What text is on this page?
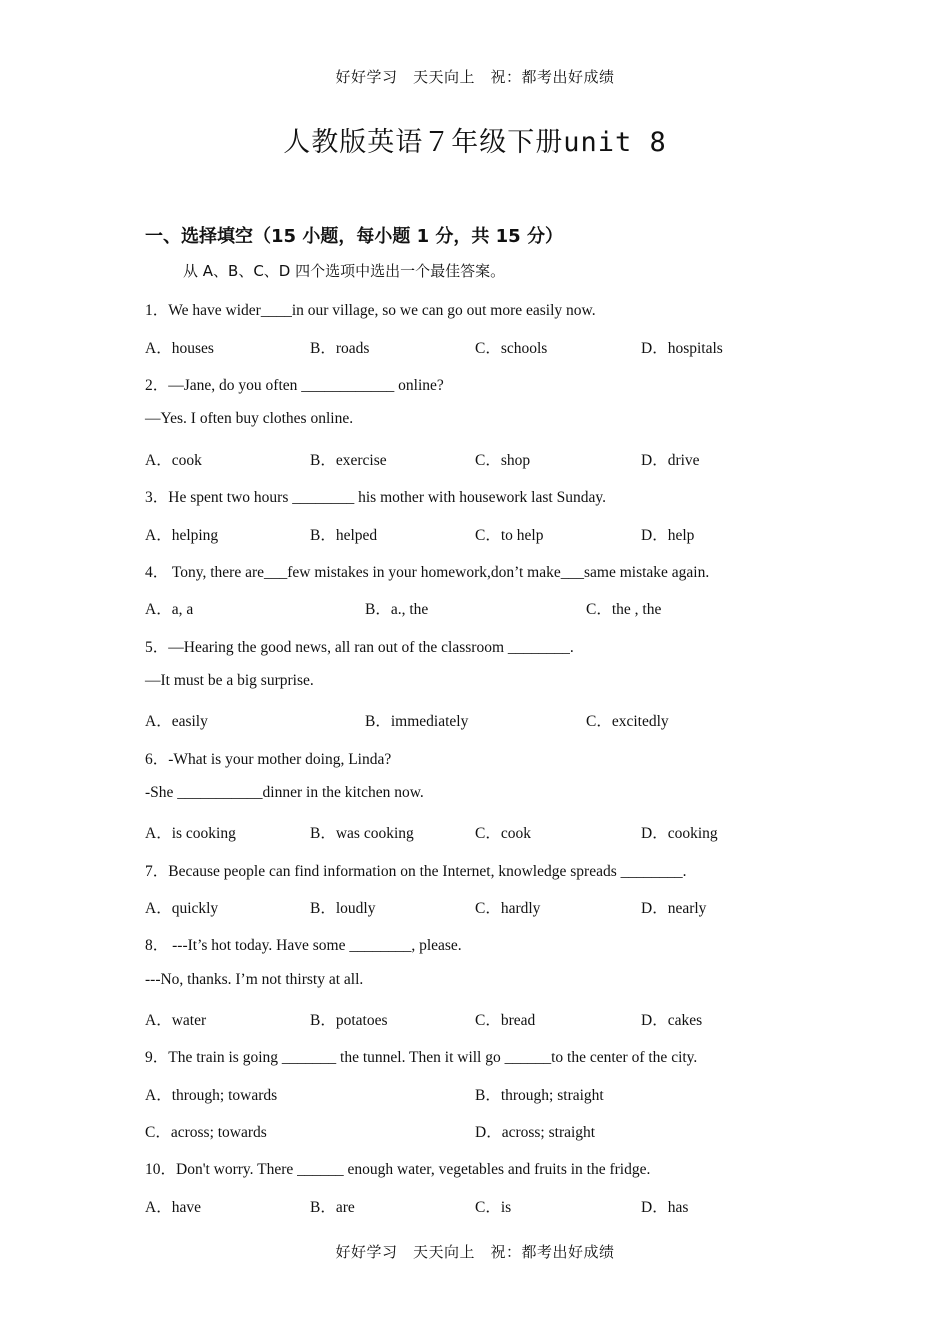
好好学习　天天向上　祝：都考出好成绩
人教版英语７年级下册unit 8
一、选择填空（15 小题，每小题 1 分，共 15 分）
从 A、B、C、D 四个选项中选出一个最佳答案。
1．We have wider____in our village, so we can go out more easily now.
A．houses	B．roads	C．schools	D．hospitals
2．—Jane, do you often ____________ online?
—Yes. I often buy clothes online.
A．cook	B．exercise	C．shop	D．drive
3．He spent two hours ________ his mother with housework last Sunday.
A．helping	B．helped	C．to help	D．help
4． Tony, there are___few mistakes in your homework,don’t make___same mistake again.
A．a, a	B．a., the	C．the , the
5．—Hearing the good news, all ran out of the classroom ________.
—It must be a big surprise.
A．easily	B．immediately	C．excitedly
6．-What is your mother doing, Linda?
-She ___________dinner in the kitchen now.
A．is cooking	B．was cooking	C．cook	D．cooking
7．Because people can find information on the Internet, knowledge spreads ________.
A．quickly	B．loudly	C．hardly	D．nearly
8． ---It’s hot today. Have some ________, please.
---No, thanks. I’m not thirsty at all.
A．water	B．potatoes	C．bread	D．cakes
9．The train is going _______ the tunnel. Then it will go ______to the center of the city.
A．through; towards	B．through; straight
C．across; towards	D．across; straight
10．Don't worry. There ______ enough water, vegetables and fruits in the fridge.
A．have	B．are	C．is	D．has
好好学习　天天向上　祝：都考出好成绩
